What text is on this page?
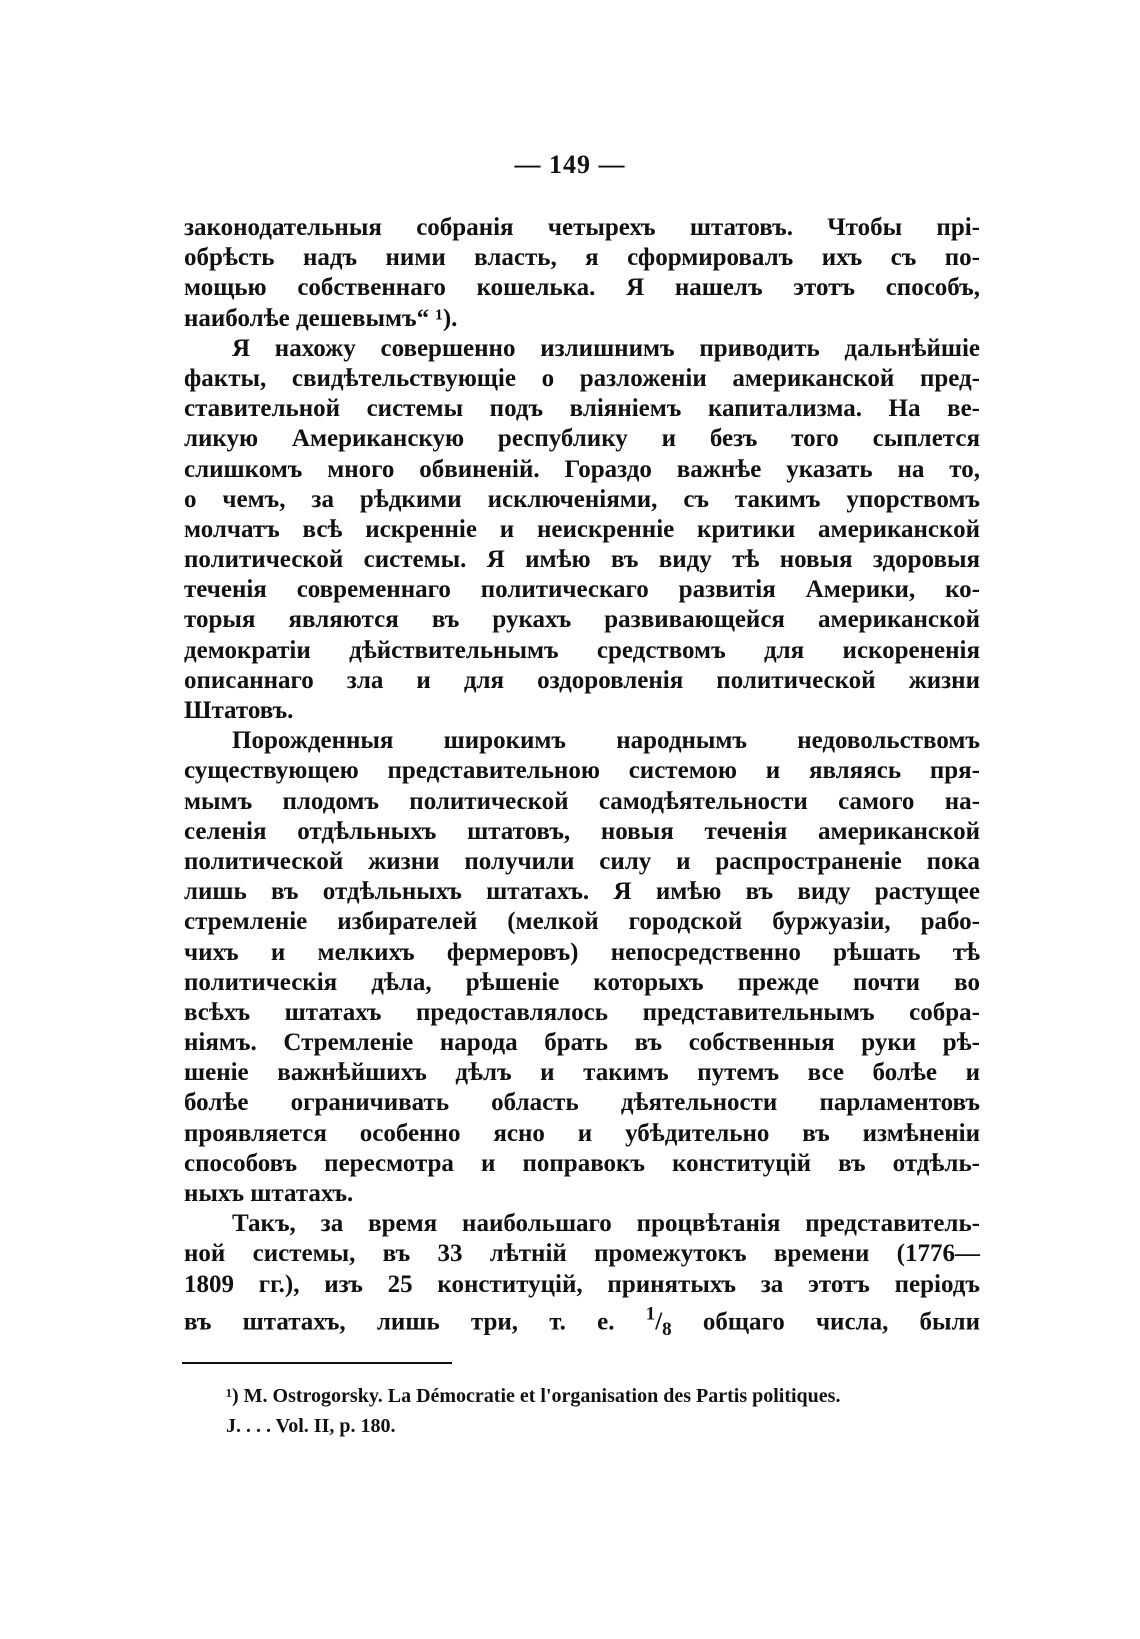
— 149 —
законодательныя собранія четырехъ штатовъ. Чтобы прі-
обрѣсть надъ ними власть, я сформировалъ ихъ съ по-
мощью собственнаго кошелька. Я нашелъ этотъ способъ,
наиболѣе дешевымъ“ ¹).
Я нахожу совершенно излишнимъ приводить дальнѣйшіе
факты, свидѣтельствующіе о разложеніи американской пред-
ставительной системы подъ вліяніемъ капитализма. На ве-
ликую Американскую республику и безъ того сыплется
слишкомъ много обвиненій. Гораздо важнѣе указать на то,
о чемъ, за рѣдкими исключеніями, съ такимъ упорствомъ
молчатъ всѣ искренніе и неискренніе критики американской
политической системы. Я имѣю въ виду тѣ новыя здоровыя
теченія современнаго политическаго развитія Америки, ко-
торыя являются въ рукахъ развивающейся американской
демократіи дѣйствительнымъ средствомъ для искорененія
описаннаго зла и для оздоровленія политической жизни
Штатовъ.
Порожденныя широкимъ народнымъ недовольствомъ
существующею представительною системою и являясь пря-
мымъ плодомъ политической самодѣятельности самого на-
селенія отдѣльныхъ штатовъ, новыя теченія американской
политической жизни получили силу и распространеніе пока
лишь въ отдѣльныхъ штатахъ. Я имѣю въ виду растущее
стремленіе избирателей (мелкой городской буржуазіи, рабо-
чихъ и мелкихъ фермеровъ) непосредственно рѣшать тѣ
политическія дѣла, рѣшеніе которыхъ прежде почти во
всѣхъ штатахъ предоставлялось представительнымъ собра-
ніямъ. Стремленіе народа брать въ собственныя руки рѣ-
шеніе важнѣйшихъ дѣлъ и такимъ путемъ все болѣе и
болѣе ограничивать область дѣятельности парламентовъ
проявляется особенно ясно и убѣдительно въ измѣненіи
способовъ пересмотра и поправокъ конституцій въ отдѣль-
ныхъ штатахъ.
Такъ, за время наибольшаго процвѣтанія представитель-
ной системы, въ 33 лѣтній промежутокъ времени (1776—
1809 гг.), изъ 25 конституцій, принятыхъ за этотъ періодъ
въ штатахъ, лишь три, т. е. $^1/_8$ общаго числа, были
¹) M. Ostrogorsky. La Démocratie et l'organisation des Partis politiques.
J. . . . Vol. II, p. 180.
